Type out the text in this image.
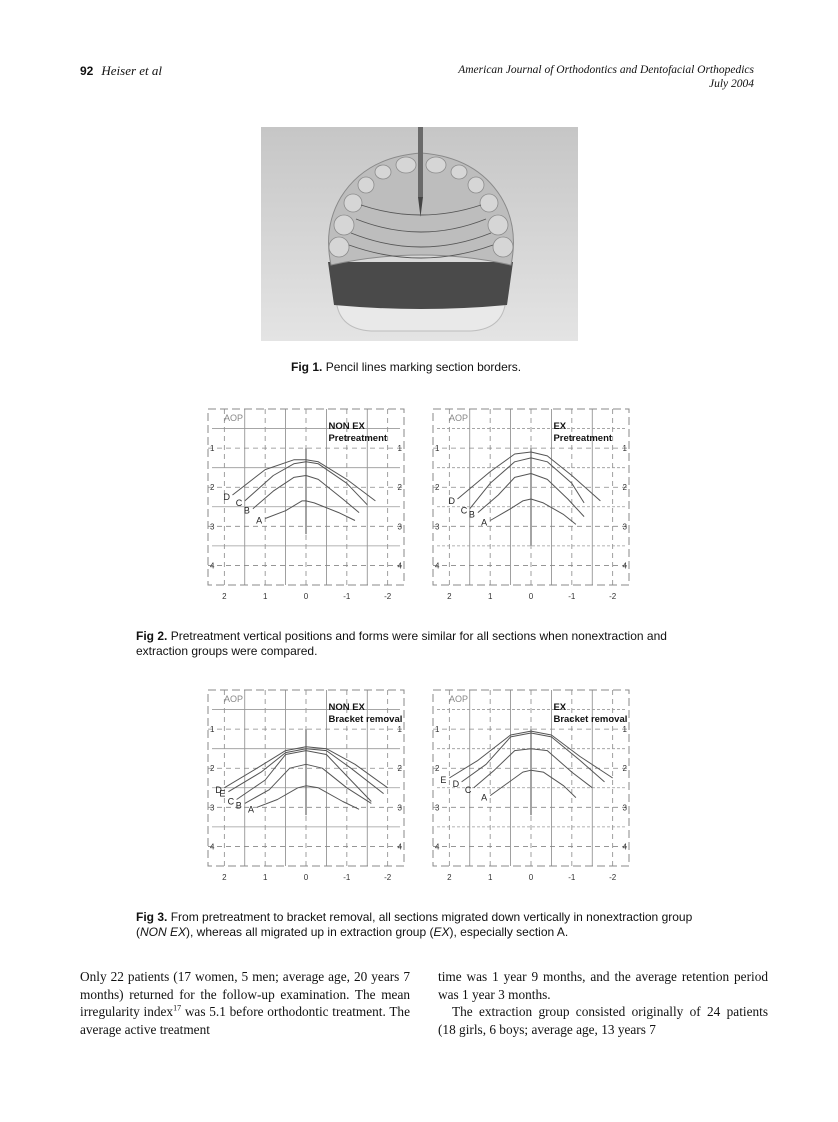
92 Heiser et al	American Journal of Orthodontics and Dentofacial Orthopedics
July 2004
Fig 1. Pencil lines marking section borders.
2	1	0	-1	-2
1	1
2	2
3	3
4	4
AOP
NON EX
Pretreatment
D
C
B
A
2	1	0	-1	-2
1	1
2	2
3	3
4	4
AOP
EX
Pretreatment
D
C B
A
2	1	0	-1	-2
1	1
2	2
3	3
4	4
AOP
NON EX
Bracket removal
D
E
C B A
2	1	0	-1	-2
1	1
2	2
3	3
4	4
AOP
EX
Bracket removal
E D
C
A
Fig 2. Pretreatment vertical positions and forms were similar for all sections when nonextraction and extraction groups were compared.
Fig 3. From pretreatment to bracket removal, all sections migrated down vertically in nonextraction group (NON EX), whereas all migrated up in extraction group (EX), especially section A.
Only 22 patients (17 women, 5 men; average age, 20 years 7 months) returned for the follow-up examination. The mean irregularity index$^{17}$ was 5.1 before orthodontic treatment. The average active treatment
time was 1 year 9 months, and the average retention period was 1 year 3 months.
The extraction group consisted originally of 24 patients (18 girls, 6 boys; average age, 13 years 7
